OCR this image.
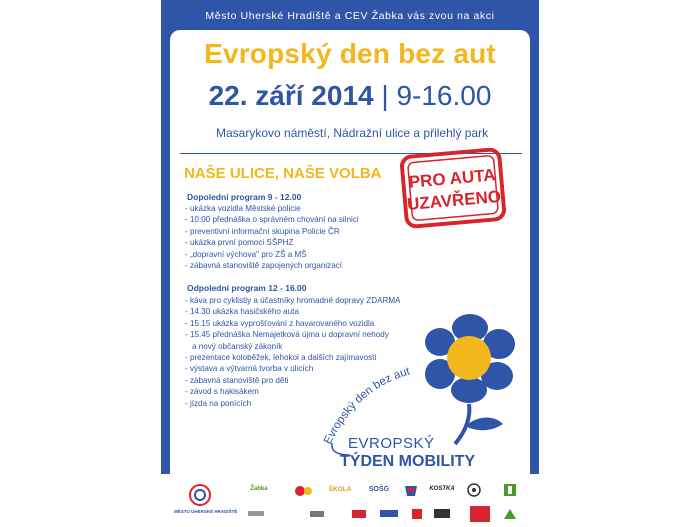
Město Uherské Hradiště a CEV Žabka vás zvou na akci
Evropský den bez aut
22. září 2014 | 9-16.00
Masarykovo náměstí, Nádražní ulice a přilehlý park
NAŠE ULICE, NAŠE VOLBA PRO AUTA
UZAVŘENO
Dopolední program 9 - 12.00
- ukázka vozidla Městské policie
- 10:00 přednáška o správném chování na silnici
- preventivní informační skupina Policie ČR
- ukázka první pomoci SŠPHZ
- „dopravní výchova" pro ZŠ a MŠ
- zábavná stanoviště zapojených organizací
Odpolední program 12 - 16.00
- káva pro cyklistiy a účastníky hromadné dopravy ZDARMA
- 14.30 ukázka hasičského auta
- 15.15 ukázka vyprošťování z havarovaného vozidla
- 15.45 přednáška Nemajetková újma u dopravní nehody
a nový občanský zákoník
- prezentace koloběžek, lehokol a dalších zajímavostí
- výstava a výtvarná tvorba v ulicích
- zábavná stanoviště pro děti
- závod s hakisákem
- jízda na ponících
Evropský den bez aut
EVROPSKÝ
TÝDEN MOBILITY
MĚSTO UHERSKÉ HRADIŠTĚ
Žabka	ŠKOLA	SOŠG	KOSTKA
